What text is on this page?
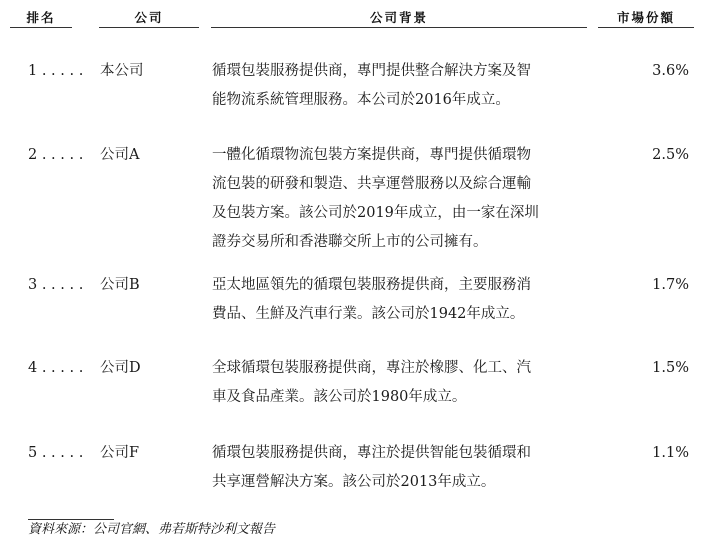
排名	公司	公司背景	市場份額
1 . . . . . 本公司	循環包裝服務提供商，專門提供整合解決方案及智
能物流系統管理服務。本公司於2016年成立。
3.6%
2 . . . . . 公司A	一體化循環物流包裝方案提供商，專門提供循環物
流包裝的研發和製造、共享運營服務以及綜合運輸
及包裝方案。該公司於2019年成立，由一家在深圳
證券交易所和香港聯交所上市的公司擁有。
2.5%
3 . . . . . 公司B	亞太地區領先的循環包裝服務提供商，主要服務消
費品、生鮮及汽車行業。該公司於1942年成立。
1.7%
4 . . . . . 公司D	全球循環包裝服務提供商，專注於橡膠、化工、汽
車及食品產業。該公司於1980年成立。
1.5%
5 . . . . . 公司F	循環包裝服務提供商，專注於提供智能包裝循環和
共享運營解決方案。該公司於2013年成立。
1.1%
資料來源：公司官網、弗若斯特沙利文報告
